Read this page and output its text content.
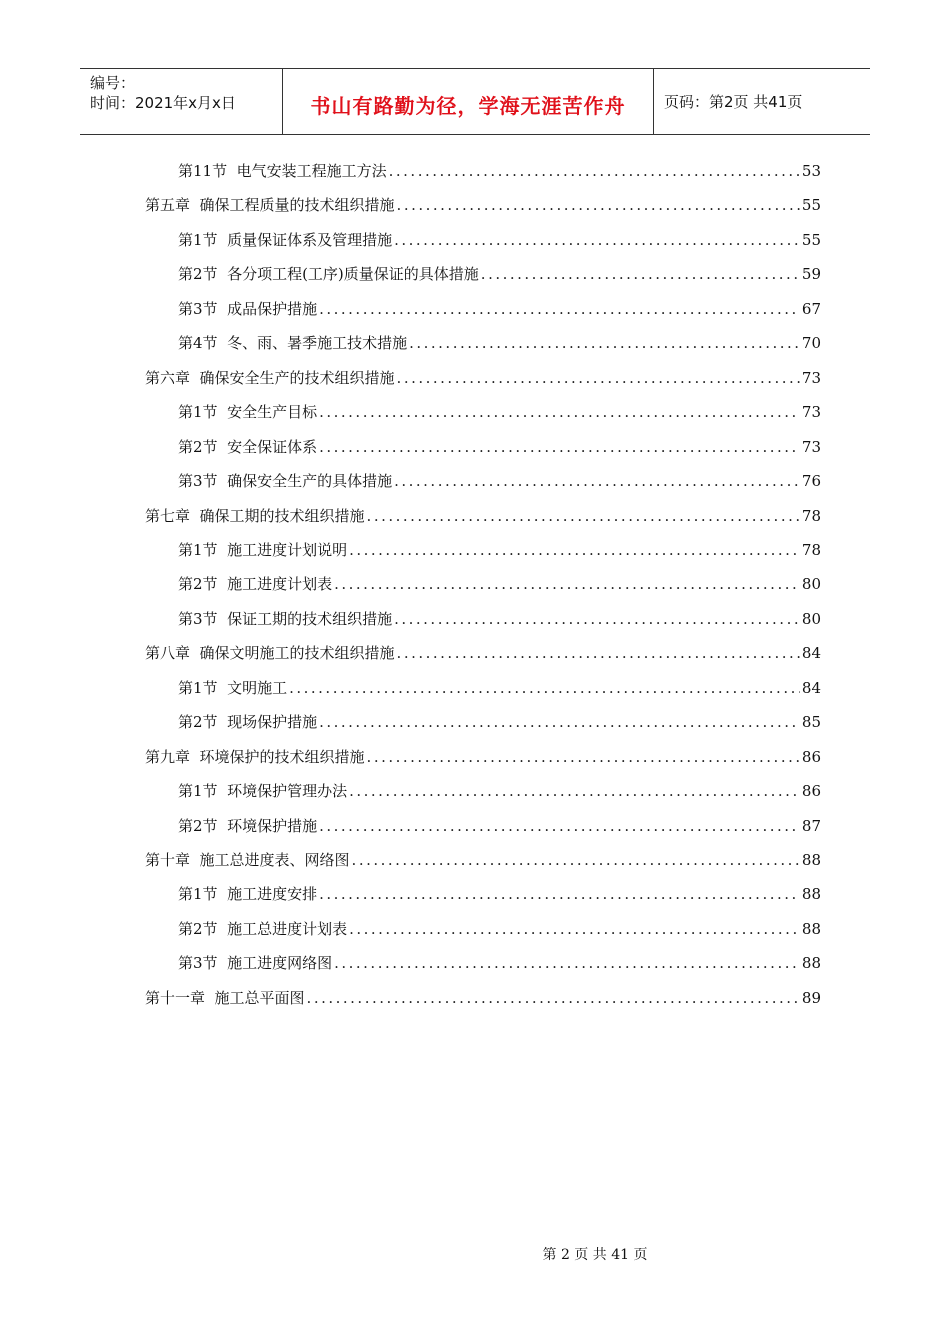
编号：
时间：2021年x月x日	书山有路勤为径，学海无涯苦作舟	页码：第2页 共41页
第11节  电气安装工程施工方法 .....	53
第五章  确保工程质量的技术组织措施 .....	55
第1节  质量保证体系及管理措施 .....	55
第2节  各分项工程(工序)质量保证的具体措施 .....	59
第3节  成品保护措施 .....	67
第4节  冬、雨、暑季施工技术措施 .....	70
第六章  确保安全生产的技术组织措施 .....	73
第1节  安全生产目标 .....	73
第2节  安全保证体系 .....	73
第3节  确保安全生产的具体措施 .....	76
第七章  确保工期的技术组织措施 .....	78
第1节  施工进度计划说明 .....	78
第2节  施工进度计划表 .....	80
第3节  保证工期的技术组织措施 .....	80
第八章  确保文明施工的技术组织措施 .....	84
第1节  文明施工 .....	84
第2节  现场保护措施 .....	85
第九章  环境保护的技术组织措施 .....	86
第1节  环境保护管理办法 .....	86
第2节  环境保护措施 .....	87
第十章  施工总进度表、网络图 .....	88
第1节  施工进度安排 .....	88
第2节  施工总进度计划表 .....	88
第3节  施工进度网络图 .....	88
第十一章  施工总平面图 .....	89
第 2 页 共 41 页
